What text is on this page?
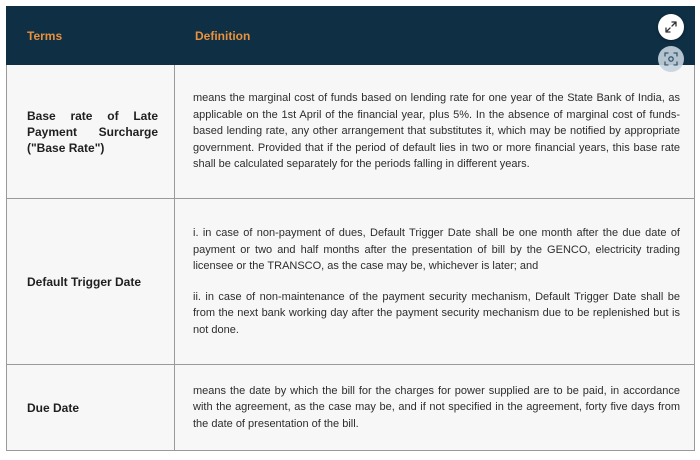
Terms	Definition
Base rate of Late Payment Surcharge ("Base Rate")	means the marginal cost of funds based on lending rate for one year of the State Bank of India, as applicable on the 1st April of the financial year, plus 5%. In the absence of marginal cost of funds-based lending rate, any other arrangement that substitutes it, which may be notified by appropriate government. Provided that if the period of default lies in two or more financial years, this base rate shall be calculated separately for the periods falling in different years.

Default Trigger Date	i. in case of non-payment of dues, Default Trigger Date shall be one month after the due date of payment or two and half months after the presentation of bill by the GENCO, electricity trading licensee or the TRANSCO, as the case may be, whichever is later; and

ii. in case of non-maintenance of the payment security mechanism, Default Trigger Date shall be from the next bank working day after the payment security mechanism due to be replenished but is not done.

Due Date	means the date by which the bill for the charges for power supplied are to be paid, in accordance with the agreement, as the case may be, and if not specified in the agreement, forty five days from the date of presentation of the bill.
